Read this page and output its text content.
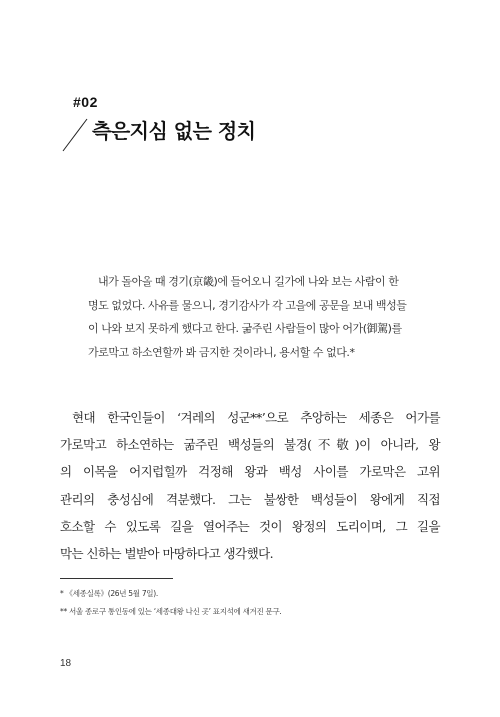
#02
측은지심 없는 정치
내가 돌아올 때 경기(京畿)에 들어오니 길가에 나와 보는 사람이 한
명도 없었다. 사유를 물으니, 경기감사가 각 고을에 공문을 보내 백성들
이 나와 보지 못하게 했다고 한다. 굶주린 사람들이 많아 어가(御駕)를
가로막고 하소연할까 봐 금지한 것이라니, 용서할 수 없다.*
현대 한국인들이 ‘겨레의 성군**’으로 추앙하는 세종은 어가를
가로막고 하소연하는 굶주린 백성들의 불경(不敬)이 아니라, 왕
의 이목을 어지럽힐까 걱정해 왕과 백성 사이를 가로막은 고위
관리의 충성심에 격분했다. 그는 불쌍한 백성들이 왕에게 직접
호소할 수 있도록 길을 열어주는 것이 왕정의 도리이며, 그 길을
막는 신하는 벌받아 마땅하다고 생각했다.
* 《세종실록》(26년 5월 7일).
** 서울 종로구 통인동에 있는 ‘세종대왕 나신 곳’ 표지석에 새겨진 문구.
18
